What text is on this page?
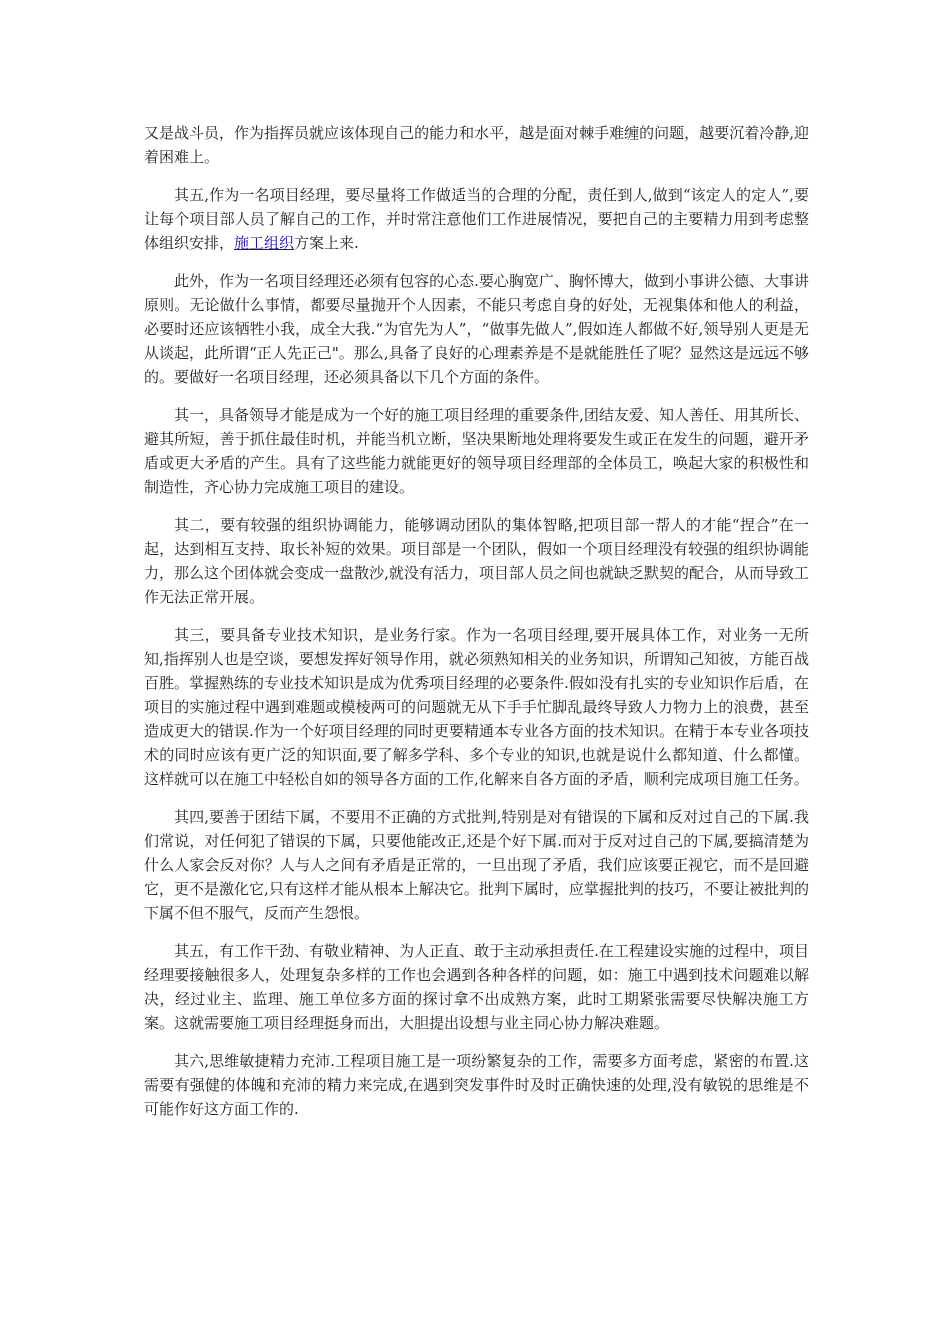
又是战斗员，作为指挥员就应该体现自己的能力和水平，越是面对棘手难缠的问题，越要沉着冷静,迎着困难上。

其五,作为一名项目经理，要尽量将工作做适当的合理的分配，责任到人,做到“该定人的定人”,要让每个项目部人员了解自己的工作，并时常注意他们工作进展情况，要把自己的主要精力用到考虑整体组织安排，施工组织方案上来.

此外，作为一名项目经理还必须有包容的心态.要心胸宽广、胸怀博大，做到小事讲公德、大事讲原则。无论做什么事情，都要尽量抛开个人因素，不能只考虑自身的好处，无视集体和他人的利益，必要时还应该牺牲小我，成全大我.“为官先为人”，“做事先做人”,假如连人都做不好,领导别人更是无从谈起，此所谓“正人先正己"。那么,具备了良好的心理素养是不是就能胜任了呢？显然这是远远不够的。要做好一名项目经理，还必须具备以下几个方面的条件。

其一，具备领导才能是成为一个好的施工项目经理的重要条件,团结友爱、知人善任、用其所长、避其所短，善于抓住最佳时机，并能当机立断，坚决果断地处理将要发生或正在发生的问题，避开矛盾或更大矛盾的产生。具有了这些能力就能更好的领导项目经理部的全体员工，唤起大家的积极性和制造性，齐心协力完成施工项目的建设。

其二，要有较强的组织协调能力，能够调动团队的集体智略,把项目部一帮人的才能“捏合”在一起，达到相互支持、取长补短的效果。项目部是一个团队，假如一个项目经理没有较强的组织协调能力，那么这个团体就会变成一盘散沙,就没有活力，项目部人员之间也就缺乏默契的配合，从而导致工作无法正常开展。

其三，要具备专业技术知识，是业务行家。作为一名项目经理,要开展具体工作，对业务一无所知,指挥别人也是空谈，要想发挥好领导作用，就必须熟知相关的业务知识，所谓知己知彼，方能百战百胜。掌握熟练的专业技术知识是成为优秀项目经理的必要条件.假如没有扎实的专业知识作后盾，在项目的实施过程中遇到难题或模棱两可的问题就无从下手手忙脚乱最终导致人力物力上的浪费，甚至造成更大的错误.作为一个好项目经理的同时更要精通本专业各方面的技术知识。在精于本专业各项技术的同时应该有更广泛的知识面,要了解多学科、多个专业的知识,也就是说什么都知道、什么都懂。这样就可以在施工中轻松自如的领导各方面的工作,化解来自各方面的矛盾，顺利完成项目施工任务。

其四,要善于团结下属，不要用不正确的方式批判,特别是对有错误的下属和反对过自己的下属.我们常说，对任何犯了错误的下属，只要他能改正,还是个好下属.而对于反对过自己的下属,要搞清楚为什么人家会反对你？人与人之间有矛盾是正常的，一旦出现了矛盾，我们应该要正视它，而不是回避它，更不是激化它,只有这样才能从根本上解决它。批判下属时，应掌握批判的技巧，不要让被批判的下属不但不服气，反而产生怨恨。

其五，有工作干劲、有敬业精神、为人正直、敢于主动承担责任.在工程建设实施的过程中，项目经理要接触很多人，处理复杂多样的工作也会遇到各种各样的问题，如：施工中遇到技术问题难以解决，经过业主、监理、施工单位多方面的探讨拿不出成熟方案，此时工期紧张需要尽快解决施工方案。这就需要施工项目经理挺身而出，大胆提出设想与业主同心协力解决难题。

其六,思维敏捷精力充沛.工程项目施工是一项纷繁复杂的工作，需要多方面考虑，紧密的布置.这需要有强健的体魄和充沛的精力来完成,在遇到突发事件时及时正确快速的处理,没有敏锐的思维是不可能作好这方面工作的.
